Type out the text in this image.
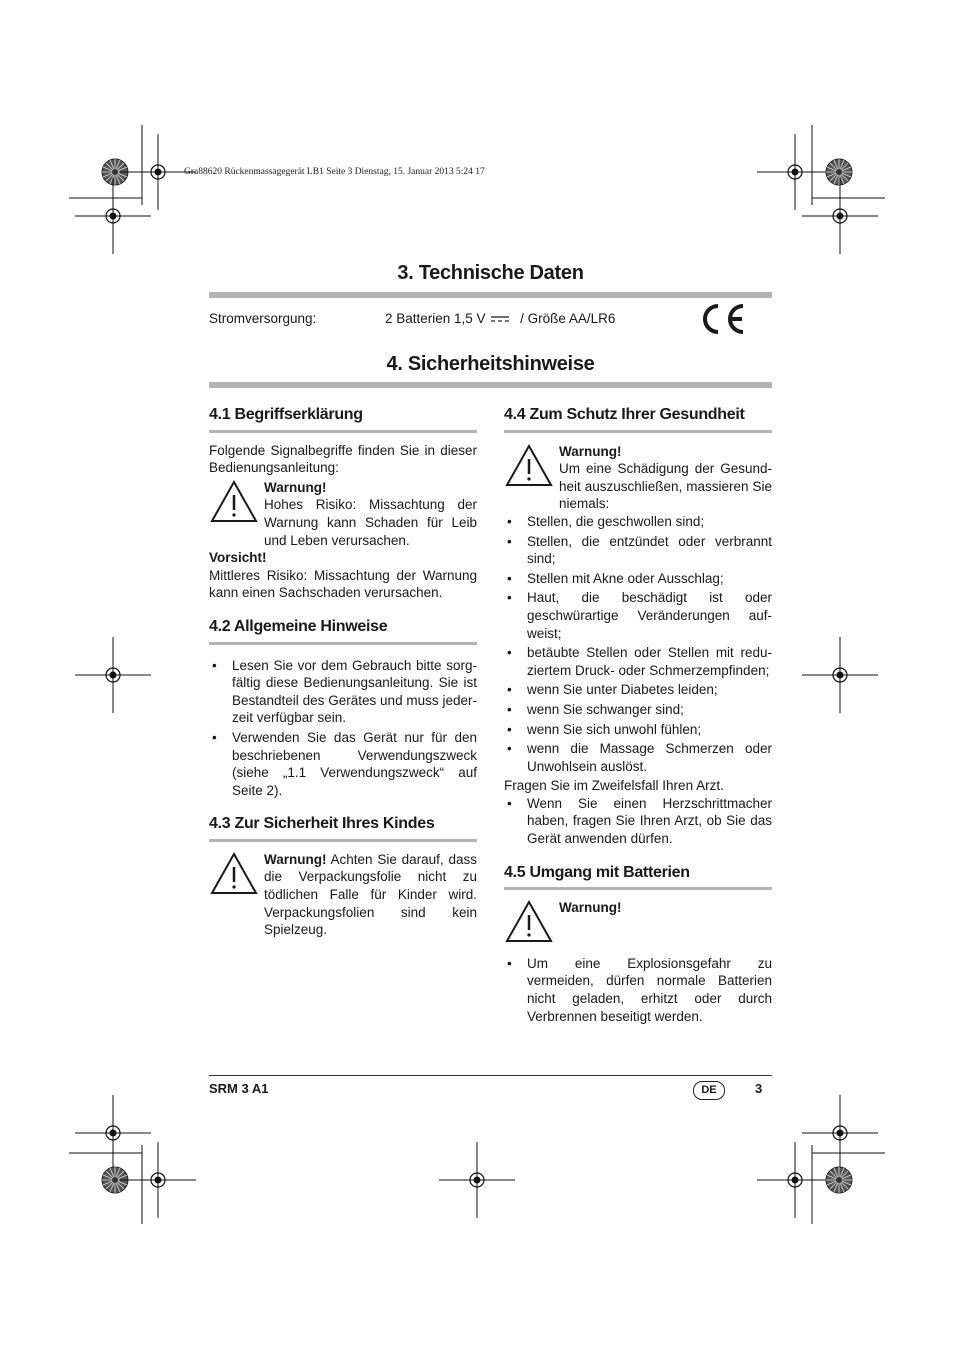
Gra88620 Rückenmassagegerät LB1 Seite 3 Dienstag, 15. Januar 2013 5:24 17
3. Technische Daten
Stromversorgung:	2 Batterien 1,5 V	/ Größe AA/LR6
4. Sicherheitshinweise
4.1 Begriffserklärung

Folgende Signalbegriffe finden Sie in dieser Bedienungsanleitung:

Warnung!

Hohes Risiko: Missachtung der Warnung kann Schaden für Leib und Leben verursachen.

Vorsicht!

Mittleres Risiko: Missachtung der Warnung kann einen Sachschaden verursachen.

4.2 Allgemeine Hinweise
• Lesen Sie vor dem Gebrauch bitte sorg-fältig diese Bedienungsanleitung. Sie ist Bestandteil des Gerätes und muss jeder-zeit verfügbar sein.
• Verwenden Sie das Gerät nur für den beschriebenen Verwendungszweck (siehe „1.1 Verwendungszweck“ auf Seite 2).
4.3 Zur Sicherheit Ihres Kindes

Warnung! Achten Sie darauf, dass die Verpackungsfolie nicht zu tödlichen Falle für Kinder wird. Verpackungsfolien sind kein Spielzeug.

4.4 Zum Schutz Ihrer Gesundheit
Warnung!

Um eine Schädigung der Gesund-heit auszuschließen, massieren Sie niemals:

• Stellen, die geschwollen sind;
• Stellen, die entzündet oder verbrannt sind;
• Stellen mit Akne oder Ausschlag;
• Haut, die beschädigt ist oder geschwürartige Veränderungen auf-weist;
• betäubte Stellen oder Stellen mit redu-ziertem Druck- oder Schmerzempfinden;
• wenn Sie unter Diabetes leiden;
• wenn Sie schwanger sind;
• wenn Sie sich unwohl fühlen;
• wenn die Massage Schmerzen oder Unwohlsein auslöst.

Fragen Sie im Zweifelsfall Ihren Arzt.

• Wenn Sie einen Herzschrittmacher haben, fragen Sie Ihren Arzt, ob Sie das Gerät anwenden dürfen.
4.5 Umgang mit Batterien
Warnung!
• Um eine Explosionsgefahr zu vermeiden, dürfen normale Batterien nicht geladen, erhitzt oder durch Verbrennen beseitigt werden.
SRM 3 A1	DE	3
